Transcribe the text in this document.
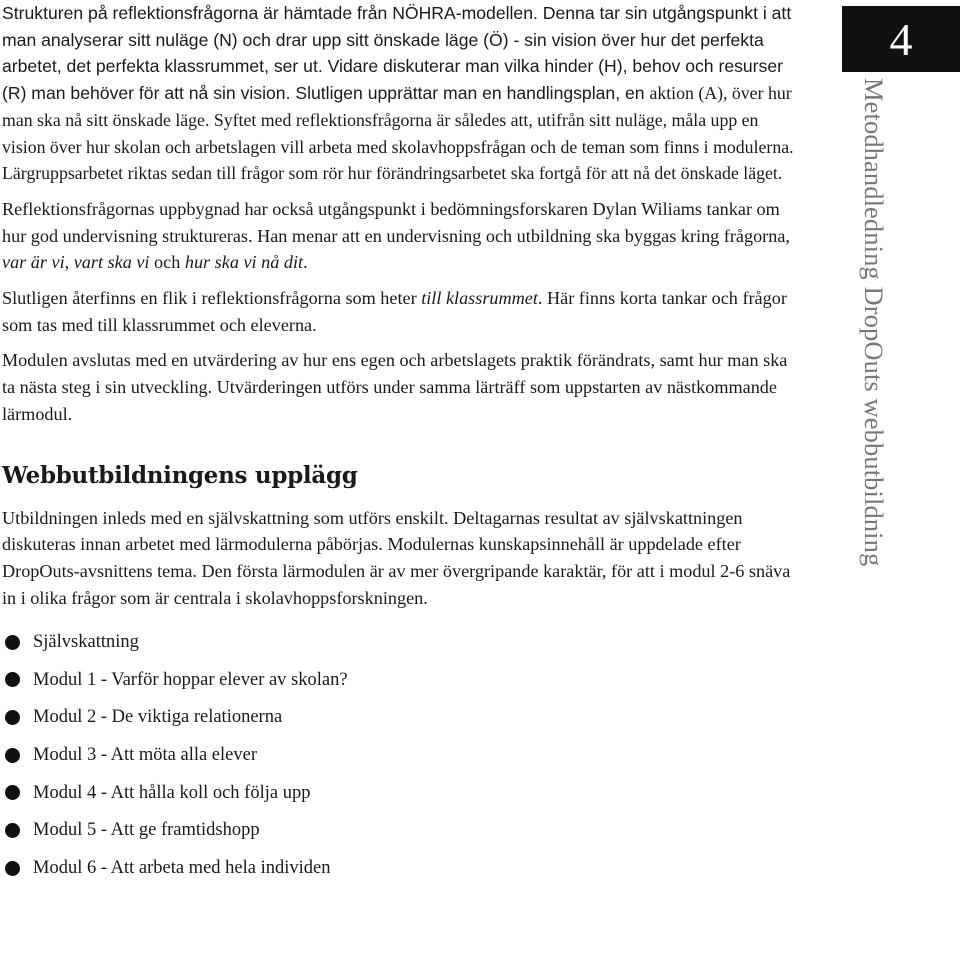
4
Metodhandledning DropOuts webbutbildning

Strukturen på reflektionsfrågorna är hämtade från NÖHRA-modellen. Denna tar sin utgångspunkt i att man analyserar sitt nuläge (N) och drar upp sitt önskade läge (Ö) - sin vision över hur det perfekta arbetet, det perfekta klassrummet, ser ut. Vidare diskuterar man vilka hinder (H), behov och resurser (R) man behöver för att nå sin vision. Slutligen upprättar man en handlingsplan, en

aktion (A), över hur man ska nå sitt önskade läge. Syftet med reflektionsfrågorna är således att, utifrån sitt nuläge, måla upp en vision över hur skolan och arbetslagen vill arbeta med skolavhoppsfrågan och de teman som finns i modulerna. Lärgruppsarbetet riktas sedan till frågor som rör hur förändringsarbetet ska fortgå för att nå det önskade läget.

Reflektionsfrågornas uppbygnad har också utgångspunkt i bedömningsforskaren Dylan Wiliams tankar om hur god undervisning struktureras. Han menar att en undervisning och utbildning ska byggas kring frågorna, var är vi, vart ska vi och hur ska vi nå dit.

Slutligen återfinns en flik i reflektionsfrågorna som heter till klassrummet. Här finns korta tankar och frågor som tas med till klassrummet och eleverna.

Modulen avslutas med en utvärdering av hur ens egen och arbetslagets praktik förändrats, samt hur man ska ta nästa steg i sin utveckling. Utvärderingen utförs under samma lärträff som uppstarten av nästkommande lärmodul.

Webbutbildningens upplägg

Utbildningen inleds med en självskattning som utförs enskilt. Deltagarnas resultat av självskattningen diskuteras innan arbetet med lärmodulerna påbörjas. Modulernas kunskapsinnehåll är uppdelade efter DropOuts-avsnittens tema. Den första lärmodulen är av mer övergripande karaktär, för att i modul 2-6 snäva in i olika frågor som är centrala i skolavhoppsforskningen.

Självskattning
Modul 1 - Varför hoppar elever av skolan?
Modul 2 - De viktiga relationerna
Modul 3 - Att möta alla elever
Modul 4 - Att hålla koll och följa upp
Modul 5 - Att ge framtidshopp
Modul 6 - Att arbeta med hela individen
